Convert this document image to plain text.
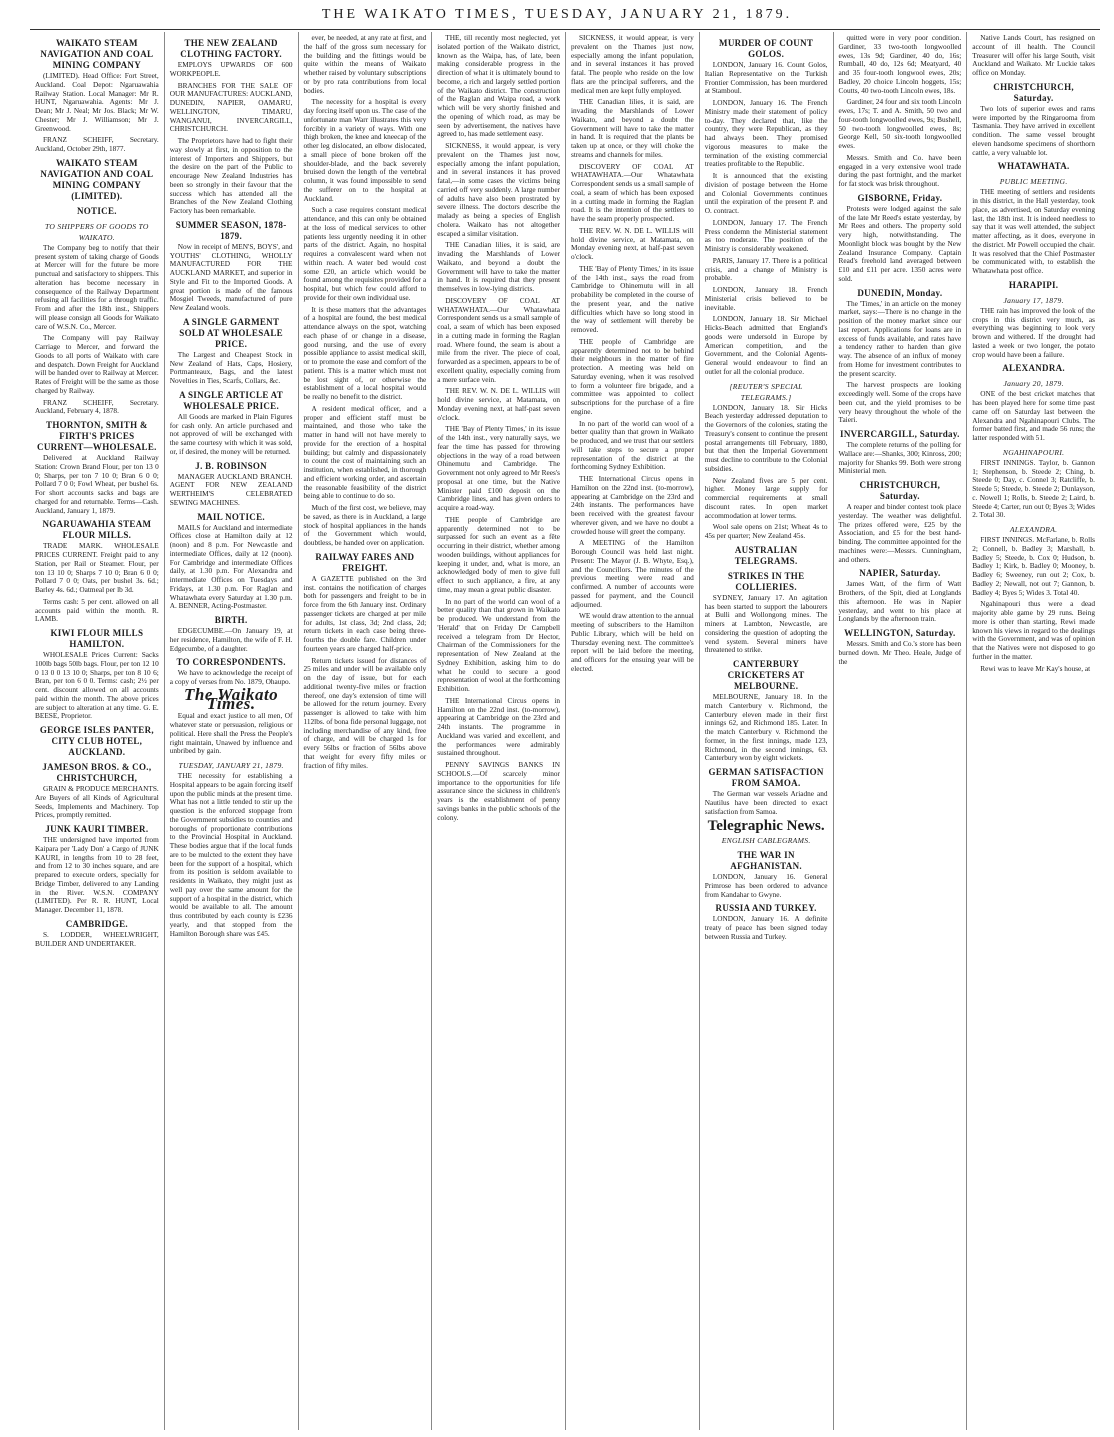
THE WAIKATO TIMES, TUESDAY, JANUARY 21, 1879.
WAIKATO STEAM NAVIGATION AND COAL MINING COMPANY

(LIMITED). Head Office: Fort Street, Auckland. Coal Depot: Ngaruawahia Railway Station. Local Manager: Mr R. HUNT, Ngaruawahia. Agents: Mr J. Dean; Mr J. Neal; Mr Jos. Black; Mr W. Chester; Mr J. Williamson; Mr J. Greenwood.

FRANZ SCHEIFF, Secretary. Auckland, October 29th, 1877.

WAIKATO STEAM NAVIGATION AND COAL MINING COMPANY (LIMITED).
NOTICE.
TO SHIPPERS OF GOODS TO WAIKATO.

The Company beg to notify that their present system of taking charge of Goods at Mercer will for the future be more punctual and satisfactory to shippers. This alteration has become necessary in consequence of the Railway Department refusing all facilities for a through traffic. From and after the 18th inst., Shippers will please consign all Goods for Waikato care of W.S.N. Co., Mercer.

The Company will pay Railway Carriage to Mercer, and forward the Goods to all ports of Waikato with care and despatch. Down Freight for Auckland will be handed over to Railway at Mercer. Rates of Freight will be the same as those charged by Railway.

FRANZ SCHEIFF, Secretary. Auckland, February 4, 1878.

THORNTON, SMITH & FIRTH'S PRICES CURRENT—WHOLESALE.

Delivered at Auckland Railway Station: Crown Brand Flour, per ton 13 0 0; Sharps, per ton 7 10 0; Bran 6 0 0; Pollard 7 0 0; Fowl Wheat, per bushel 6s. For short accounts sacks and bags are charged for and returnable. Terms—Cash. Auckland, January 1, 1879.

NGARUAWAHIA STEAM FLOUR MILLS.

TRADE MARK. WHOLESALE PRICES CURRENT. Freight paid to any Station, per Rail or Steamer. Flour, per ton 13 10 0; Sharps 7 10 0; Bran 6 0 0; Pollard 7 0 0; Oats, per bushel 3s. 6d.; Barley 4s. 6d.; Oatmeal per lb 3d.

Terms cash: 5 per cent. allowed on all accounts paid within the month. R. LAMB.

KIWI FLOUR MILLS HAMILTON.

WHOLESALE Prices Current: Sacks 100lb bags 50lb bags. Flour, per ton 12 10 0 13 0 0 13 10 0; Sharps, per ton 8 10 6; Bran, per ton 6 0 0. Terms: cash; 2½ per cent. discount allowed on all accounts paid within the month. The above prices are subject to alteration at any time. G. E. BEESE, Proprietor.

GEORGE ISLES PANTER, CITY CLUB HOTEL, AUCKLAND.
JAMESON BROS. & CO., CHRISTCHURCH,

GRAIN & PRODUCE MERCHANTS. Are Buyers of all Kinds of Agricultural Seeds, Implements and Machinery. Top Prices, promptly remitted.

JUNK KAURI TIMBER.

THE undersigned have imported from Kaipara per 'Lady Don' a Cargo of JUNK KAURI, in lengths from 10 to 28 feet, and from 12 to 30 inches square, and are prepared to execute orders, specially for Bridge Timber, delivered to any Landing in the River. W.S.N. COMPANY (LIMITED). Per R. R. HUNT, Local Manager. December 11, 1878.

CAMBRIDGE.

S. LODDER, WHEELWRIGHT, BUILDER AND UNDERTAKER.

THE NEW ZEALAND CLOTHING FACTORY.

EMPLOYS UPWARDS OF 600 WORKPEOPLE.

BRANCHES FOR THE SALE OF OUR MANUFACTURES: AUCKLAND, DUNEDIN, NAPIER, OAMARU, WELLINGTON, TIMARU, WANGANUI, INVERCARGILL, CHRISTCHURCH.

The Proprietors have had to fight their way slowly at first, in opposition to the interest of Importers and Shippers, but the desire on the part of the Public to encourage New Zealand Industries has been so strongly in their favour that the success which has attended all the Branches of the New Zealand Clothing Factory has been remarkable.

SUMMER SEASON, 1878-1879.

Now in receipt of MEN'S, BOYS', and YOUTHS' CLOTHING, WHOLLY MANUFACTURED FOR THE AUCKLAND MARKET, and superior in Style and Fit to the Imported Goods. A great portion is made of the famous Mosgiel Tweeds, manufactured of pure New Zealand wools.

A SINGLE GARMENT SOLD AT WHOLESALE PRICE.

The Largest and Cheapest Stock in New Zealand of Hats, Caps, Hosiery, Portmanteaux, Bags, and the latest Novelties in Ties, Scarfs, Collars, &c.

A SINGLE ARTICLE AT WHOLESALE PRICE.

All Goods are marked in Plain Figures for cash only. An article purchased and not approved of will be exchanged with the same courtesy with which it was sold, or, if desired, the money will be returned.

J. B. ROBINSON

MANAGER AUCKLAND BRANCH. AGENT FOR NEW ZEALAND WERTHEIM'S CELEBRATED SEWING MACHINES.

MAIL NOTICE.

MAILS for Auckland and intermediate Offices close at Hamilton daily at 12 (noon) and 8 p.m. For Newcastle and intermediate Offices, daily at 12 (noon). For Cambridge and intermediate Offices daily, at 1.30 p.m. For Alexandra and intermediate Offices on Tuesdays and Fridays, at 1.30 p.m. For Raglan and Whatawhata every Saturday at 1.30 p.m. A. BENNER, Acting-Postmaster.

BIRTH.

EDGECUMBE.—On January 19, at her residence, Hamilton, the wife of F. H. Edgecumbe, of a daughter.

TO CORRESPONDENTS.

We have to acknowledge the receipt of a copy of verses from No. 1879, Ohaupo.

The Waikato Times.

Equal and exact justice to all men, Of whatever state or persuasion, religious or political. Here shall the Press the People's right maintain, Unawed by influence and unbribed by gain.

TUESDAY, JANUARY 21, 1879.

THE necessity for establishing a Hospital appears to be again forcing itself upon the public minds at the present time. What has not a little tended to stir up the question is the enforced stoppage from the Government subsidies to counties and boroughs of proportionate contributions to the Provincial Hospital in Auckland. These bodies argue that if the local funds are to be mulcted to the extent they have been for the support of a hospital, which from its position is seldom available to residents in Waikato, they might just as well pay over the same amount for the support of a hospital in the district, which would be available to all. The amount thus contributed by each county is £236 yearly, and that stopped from the Hamilton Borough share was £45.

ever, be needed, at any rate at first, and the half of the gross sum necessary for the building and the fittings would be quite within the means of Waikato whether raised by voluntary subscriptions or by pro rata contributions from local bodies.

The necessity for a hospital is every day forcing itself upon us. The case of the unfortunate man Warr illustrates this very forcibly in a variety of ways. With one thigh broken, the knee and kneecap of the other leg dislocated, an elbow dislocated, a small piece of bone broken off the shoulder-blade, and the back severely bruised down the length of the vertebral column, it was found impossible to send the sufferer on to the hospital at Auckland.

Such a case requires constant medical attendance, and this can only be obtained at the loss of medical services to other patients less urgently needing it in other parts of the district. Again, no hospital requires a convalescent ward when not within reach. A water bed would cost some £20, an article which would be found among the requisites provided for a hospital, but which few could afford to provide for their own individual use.

It is these matters that the advantages of a hospital are found, the best medical attendance always on the spot, watching each phase of or change in a disease, good nursing, and the use of every possible appliance to assist medical skill, or to promote the ease and comfort of the patient. This is a matter which must not be lost sight of, or otherwise the establishment of a local hospital would be really no benefit to the district.

A resident medical officer, and a proper and efficient staff must be maintained, and those who take the matter in hand will not have merely to provide for the erection of a hospital building; but calmly and dispassionately to count the cost of maintaining such an institution, when established, in thorough and efficient working order, and ascertain the reasonable feasibility of the district being able to continue to do so.

Much of the first cost, we believe, may be saved, as there is in Auckland, a large stock of hospital appliances in the hands of the Government which would, doubtless, be handed over on application.

RAILWAY FARES AND FREIGHT.

A GAZETTE published on the 3rd inst. contains the notification of charges both for passengers and freight to be in force from the 6th January inst. Ordinary passenger tickets are charged at per mile for adults, 1st class, 3d; 2nd class, 2d; return tickets in each case being three-fourths the double fare. Children under fourteen years are charged half-price.

Return tickets issued for distances of 25 miles and under will be available only on the day of issue, but for each additional twenty-five miles or fraction thereof, one day's extension of time will be allowed for the return journey. Every passenger is allowed to take with him 112lbs. of bona fide personal luggage, not including merchandise of any kind, free of charge, and will be charged 1s for every 56lbs or fraction of 56lbs above that weight for every fifty miles or fraction of fifty miles.

THE, till recently most neglected, yet isolated portion of the Waikato district, known as the Waipa, has, of late, been making considerable progress in the direction of what it is ultimately bound to become, a rich and largely settled portion of the Waikato district. The construction of the Raglan and Waipa road, a work which will be very shortly finished and the opening of which road, as may be seen by advertisement, the natives have agreed to, has made settlement easy.

SICKNESS, it would appear, is very prevalent on the Thames just now, especially among the infant population, and in several instances it has proved fatal,—in some cases the victims being carried off very suddenly. A large number of adults have also been prostrated by severe illness. The doctors describe the malady as being a species of English cholera. Waikato has not altogether escaped a similar visitation.

THE Canadian lilies, it is said, are invading the Marshlands of Lower Waikato, and beyond a doubt the Government will have to take the matter in hand. It is required that they present themselves in low-lying districts.

DISCOVERY OF COAL AT WHATAWHATA.—Our Whatawhata Correspondent sends us a small sample of coal, a seam of which has been exposed in a cutting made in forming the Raglan road. Where found, the seam is about a mile from the river. The piece of coal, forwarded as a specimen, appears to be of excellent quality, especially coming from a mere surface vein.

THE REV. W. N. DE L. WILLIS will hold divine service, at Matamata, on Monday evening next, at half-past seven o'clock.

THE 'Bay of Plenty Times,' in its issue of the 14th inst., very naturally says, we fear the time has passed for throwing objections in the way of a road between Ohinemutu and Cambridge. The Government not only agreed to Mr Rees's proposal at one time, but the Native Minister paid £100 deposit on the Cambridge lines, and has given orders to acquire a road-way.

THE people of Cambridge are apparently determined not to be surpassed for such an event as a fête occurring in their district, whether among wooden buildings, without appliances for keeping it under, and, what is more, an acknowledged body of men to give full effect to such appliance, a fire, at any time, may mean a great public disaster.

In no part of the world can wool of a better quality than that grown in Waikato be produced. We understand from the 'Herald' that on Friday Dr Campbell received a telegram from Dr Hector, Chairman of the Commissioners for the representation of New Zealand at the Sydney Exhibition, asking him to do what he could to secure a good representation of wool at the forthcoming Exhibition.

THE International Circus opens in Hamilton on the 22nd inst. (to-morrow), appearing at Cambridge on the 23rd and 24th instants. The programme in Auckland was varied and excellent, and the performances were admirably sustained throughout.

PENNY SAVINGS BANKS IN SCHOOLS.—Of scarcely minor importance to the opportunities for life assurance since the sickness in children's years is the establishment of penny savings banks in the public schools of the colony.

SICKNESS, it would appear, is very prevalent on the Thames just now, especially among the infant population, and in several instances it has proved fatal. The people who reside on the low flats are the principal sufferers, and the medical men are kept fully employed.

THE Canadian lilies, it is said, are invading the Marshlands of Lower Waikato, and beyond a doubt the Government will have to take the matter in hand. It is required that the plants be taken up at once, or they will choke the streams and channels for miles.

DISCOVERY OF COAL AT WHATAWHATA.—Our Whatawhata Correspondent sends us a small sample of coal, a seam of which has been exposed in a cutting made in forming the Raglan road. It is the intention of the settlers to have the seam properly prospected.

THE REV. W. N. DE L. WILLIS will hold divine service, at Matamata, on Monday evening next, at half-past seven o'clock.

THE 'Bay of Plenty Times,' in its issue of the 14th inst., says the road from Cambridge to Ohinemutu will in all probability be completed in the course of the present year, and the native difficulties which have so long stood in the way of settlement will thereby be removed.

THE people of Cambridge are apparently determined not to be behind their neighbours in the matter of fire protection. A meeting was held on Saturday evening, when it was resolved to form a volunteer fire brigade, and a committee was appointed to collect subscriptions for the purchase of a fire engine.

In no part of the world can wool of a better quality than that grown in Waikato be produced, and we trust that our settlers will take steps to secure a proper representation of the district at the forthcoming Sydney Exhibition.

THE International Circus opens in Hamilton on the 22nd inst. (to-morrow), appearing at Cambridge on the 23rd and 24th instants. The performances have been received with the greatest favour wherever given, and we have no doubt a crowded house will greet the company.

A MEETING of the Hamilton Borough Council was held last night. Present: The Mayor (J. B. Whyte, Esq.), and the Councillors. The minutes of the previous meeting were read and confirmed. A number of accounts were passed for payment, and the Council adjourned.

WE would draw attention to the annual meeting of subscribers to the Hamilton Public Library, which will be held on Thursday evening next. The committee's report will be laid before the meeting, and officers for the ensuing year will be elected.

MURDER OF COUNT GOLOS.

LONDON, January 16. Count Golos, Italian Representative on the Turkish Frontier Commission, has been murdered at Stamboul.

LONDON, January 16. The French Ministry made their statement of policy to-day. They declared that, like the country, they were Republican, as they had always been. They promised vigorous measures to make the termination of the existing commercial treaties profitable to the Republic.

It is announced that the existing division of postage between the Home and Colonial Governments continues until the expiration of the present P. and O. contract.

LONDON, January 17. The French Press condemn the Ministerial statement as too moderate. The position of the Ministry is considerably weakened.

PARIS, January 17. There is a political crisis, and a change of Ministry is probable.

LONDON, January 18. French Ministerial crisis believed to be inevitable.

LONDON, January 18. Sir Michael Hicks-Beach admitted that England's goods were undersold in Europe by American competition, and the Government, and the Colonial Agents-General would endeavour to find an outlet for all the colonial produce.

[REUTER'S SPECIAL TELEGRAMS.]

LONDON, January 18. Sir Hicks Beach yesterday addressed deputation to the Governors of the colonies, stating the Treasury's consent to continue the present postal arrangements till February, 1880, but that then the Imperial Government must decline to contribute to the Colonial subsidies.

New Zealand fives are 5 per cent. higher. Money large supply for commercial requirements at small discount rates. In open market accommodation at lower terms.

Wool sale opens on 21st; Wheat 4s to 45s per quarter; New Zealand 45s.

AUSTRALIAN TELEGRAMS.
STRIKES IN THE COLLIERIES.

SYDNEY, January 17. An agitation has been started to support the labourers at Bulli and Wollongong mines. The miners at Lambton, Newcastle, are considering the question of adopting the vend system. Several miners have threatened to strike.

CANTERBURY CRICKETERS AT MELBOURNE.

MELBOURNE, January 18. In the match Canterbury v. Richmond, the Canterbury eleven made in their first innings 62, and Richmond 185. Later. In the match Canterbury v. Richmond the former, in the first innings, made 123, Richmond, in the second innings, 63. Canterbury won by eight wickets.

GERMAN SATISFACTION FROM SAMOA.

The German war vessels Ariadne and Nautilus have been directed to exact satisfaction from Samoa.

Telegraphic News.
ENGLISH CABLEGRAMS.
THE WAR IN AFGHANISTAN.

LONDON, January 16. General Primrose has been ordered to advance from Kandahar to Gwyne.

RUSSIA AND TURKEY.

LONDON, January 16. A definite treaty of peace has been signed today between Russia and Turkey.

quitted were in very poor condition. Gardiner, 33 two-tooth longwoolled ewes, 13s 9d; Gardiner, 40 do, 16s; Rumball, 40 do, 12s 6d; Meatyard, 40 and 35 four-tooth longwool ewes, 20s; Badley, 20 choice Lincoln hoggets, 15s; Coutts, 40 two-tooth Lincoln ewes, 18s.

Gardiner, 24 four and six tooth Lincoln ewes, 17s; T. and A. Smith, 50 two and four-tooth longwoolled ewes, 9s; Bushell, 50 two-tooth longwoolled ewes, 8s; George Kell, 50 six-tooth longwoolled ewes.

Messrs. Smith and Co. have been engaged in a very extensive wool trade during the past fortnight, and the market for fat stock was brisk throughout.

GISBORNE, Friday.

Protests were lodged against the sale of the late Mr Reed's estate yesterday, by Mr Rees and others. The property sold very high, notwithstanding. The Moonlight block was bought by the New Zealand Insurance Company. Captain Read's freehold land averaged between £10 and £11 per acre. 1350 acres were sold.

DUNEDIN, Monday.

The 'Times,' in an article on the money market, says:—There is no change in the position of the money market since our last report. Applications for loans are in excess of funds available, and rates have a tendency rather to harden than give way. The absence of an influx of money from Home for investment contributes to the present scarcity.

The harvest prospects are looking exceedingly well. Some of the crops have been cut, and the yield promises to be very heavy throughout the whole of the Taieri.

INVERCARGILL, Saturday.

The complete returns of the polling for Wallace are:—Shanks, 300; Kinross, 200; majority for Shanks 99. Both were strong Ministerial men.

CHRISTCHURCH, Saturday.

A reaper and binder contest took place yesterday. The weather was delightful. The prizes offered were, £25 by the Association, and £5 for the best hand-binding. The committee appointed for the machines were:—Messrs. Cunningham, and others.

NAPIER, Saturday.

James Watt, of the firm of Watt Brothers, of the Spit, died at Longlands this afternoon. He was in Napier yesterday, and went to his place at Longlands by the afternoon train.

WELLINGTON, Saturday.

Messrs. Smith and Co.'s store has been burned down. Mr Theo. Heale, Judge of the

Native Lands Court, has resigned on account of ill health. The Council Treasurer will offer his large South, visit Auckland and Waikato. Mr Luckie takes office on Monday.

CHRISTCHURCH, Saturday.

Two lots of superior ewes and rams were imported by the Ringarooma from Tasmania. They have arrived in excellent condition. The same vessel brought eleven handsome specimens of shorthorn cattle, a very valuable lot.

WHATAWHATA.
PUBLIC MEETING.

THE meeting of settlers and residents in this district, in the Hall yesterday, took place, as advertised, on Saturday evening last, the 18th inst. It is indeed needless to say that it was well attended, the subject matter affecting, as it does, everyone in the district. Mr Powell occupied the chair. It was resolved that the Chief Postmaster be communicated with, to establish the Whatawhata post office.

HARAPIPI.
January 17, 1879.

THE rain has improved the look of the crops in this district very much, as everything was beginning to look very brown and withered. If the drought had lasted a week or two longer, the potato crop would have been a failure.

ALEXANDRA.
January 20, 1879.

ONE of the best cricket matches that has been played here for some time past came off on Saturday last between the Alexandra and Ngahinapouri Clubs. The former batted first, and made 56 runs; the latter responded with 51.

NGAHINAPOURI.

FIRST INNINGS. Taylor, b. Gannon 1; Stephenson, b. Steede 2; Ching, b. Steede 0; Day, c. Connel 3; Ratcliffe, b. Steede 5; Steede, b. Steede 2; Dunlayson, c. Nowell 1; Rolls, b. Steede 2; Laird, b. Steede 4; Carter, run out 0; Byes 3; Wides 2. Total 30.

ALEXANDRA.

FIRST INNINGS. McFarlane, b. Rolls 2; Connell, b. Badley 3; Marshall, b. Badley 5; Steede, b. Cox 0; Hudson, b. Badley 1; Kirk, b. Badley 0; Mooney, b. Badley 6; Sweeney, run out 2; Cox, b. Badley 2; Newall, not out 7; Gannon, b. Badley 4; Byes 5; Wides 3. Total 40.

Ngahinapouri thus were a dead majority able game by 29 runs. Being more is other than starting, Rewi made known his views in regard to the dealings with the Government, and was of opinion that the Natives were not disposed to go further in the matter.

Rewi was to leave Mr Kay's house, at
